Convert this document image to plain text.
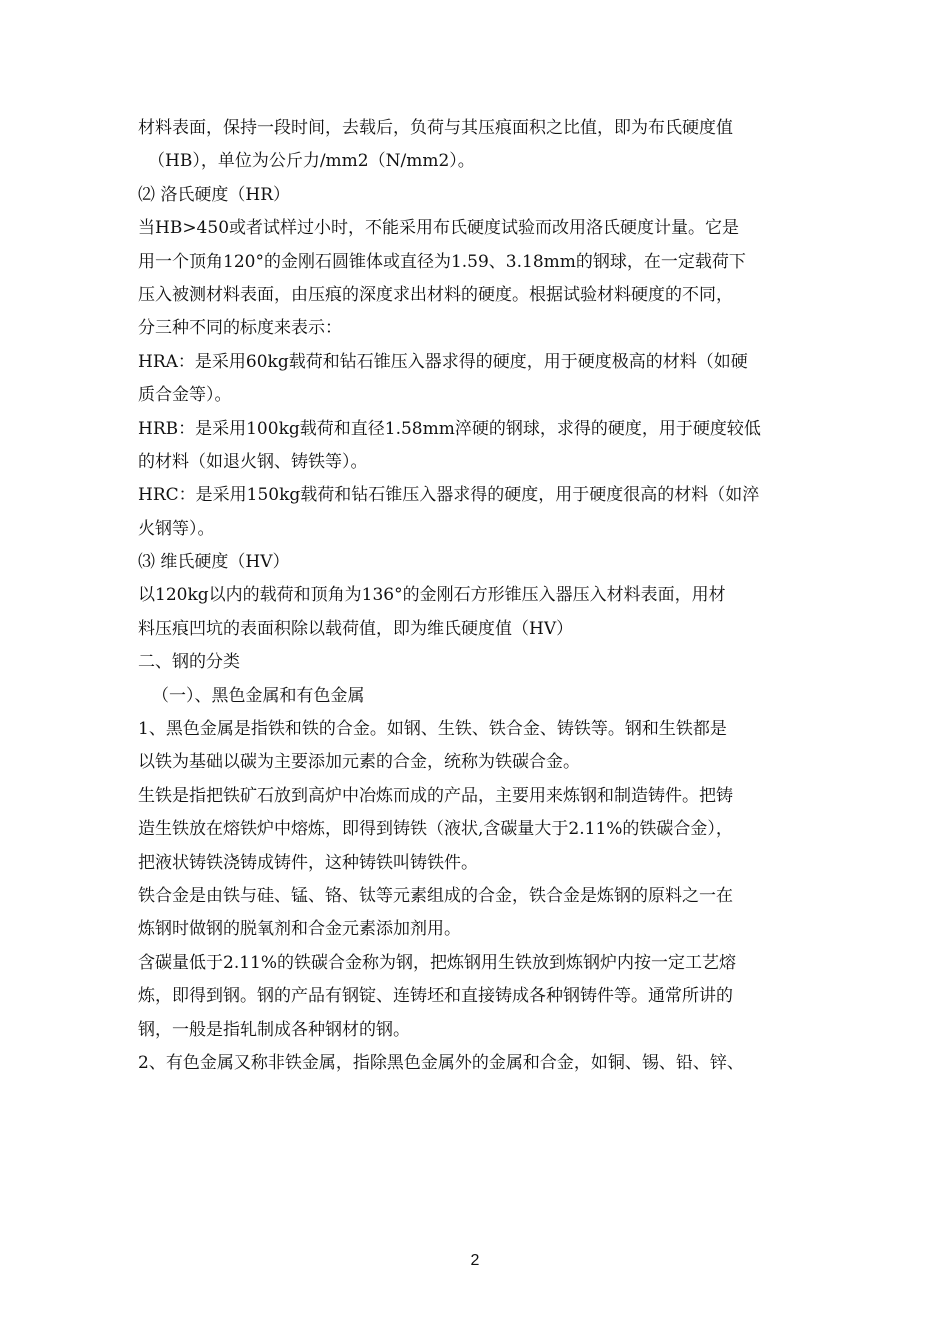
材料表面，保持一段时间，去载后，负荷与其压痕面积之比值，即为布氏硬度值
（HB），单位为公斤力/mm2（N/mm2）。
⑵ 洛氏硬度（HR）
当HB>450或者试样过小时，不能采用布氏硬度试验而改用洛氏硬度计量。它是
用一个顶角120°的金刚石圆锥体或直径为1.59、3.18mm的钢球，在一定载荷下
压入被测材料表面，由压痕的深度求出材料的硬度。根据试验材料硬度的不同，
分三种不同的标度来表示：
HRA：是采用60kg载荷和钻石锥压入器求得的硬度，用于硬度极高的材料（如硬
质合金等）。
HRB：是采用100kg载荷和直径1.58mm淬硬的钢球，求得的硬度，用于硬度较低
的材料（如退火钢、铸铁等）。
HRC：是采用150kg载荷和钻石锥压入器求得的硬度，用于硬度很高的材料（如淬
火钢等）。
⑶ 维氏硬度（HV）
以120kg以内的载荷和顶角为136°的金刚石方形锥压入器压入材料表面，用材
料压痕凹坑的表面积除以载荷值，即为维氏硬度值（HV）
二、钢的分类
（一）、黑色金属和有色金属
1、黑色金属是指铁和铁的合金。如钢、生铁、铁合金、铸铁等。钢和生铁都是
以铁为基础以碳为主要添加元素的合金，统称为铁碳合金。
生铁是指把铁矿石放到高炉中冶炼而成的产品，主要用来炼钢和制造铸件。把铸
造生铁放在熔铁炉中熔炼，即得到铸铁（液状,含碳量大于2.11%的铁碳合金），
把液状铸铁浇铸成铸件，这种铸铁叫铸铁件。
铁合金是由铁与硅、锰、铬、钛等元素组成的合金，铁合金是炼钢的原料之一在
炼钢时做钢的脱氧剂和合金元素添加剂用。
含碳量低于2.11%的铁碳合金称为钢，把炼钢用生铁放到炼钢炉内按一定工艺熔
炼，即得到钢。钢的产品有钢锭、连铸坯和直接铸成各种钢铸件等。通常所讲的
钢，一般是指轧制成各种钢材的钢。
2、有色金属又称非铁金属，指除黑色金属外的金属和合金，如铜、锡、铅、锌、
2
